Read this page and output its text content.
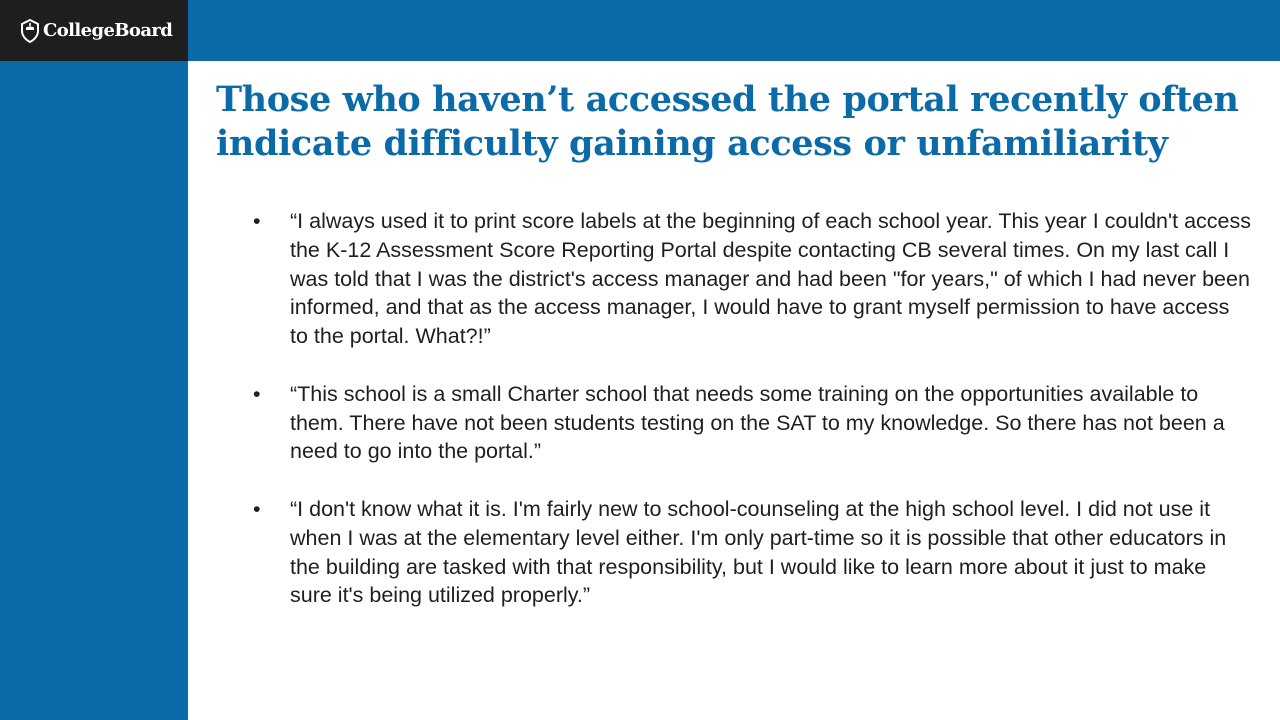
CollegeBoard
Those who haven’t accessed the portal recently often indicate difficulty gaining access or unfamiliarity
•	“I always used it to print score labels at the beginning of each school year. This year I couldn't access the K-12 Assessment Score Reporting Portal despite contacting CB several times. On my last call I was told that I was the district's access manager and had been "for years," of which I had never been informed, and that as the access manager, I would have to grant myself permission to have access to the portal. What?!”
•	“This school is a small Charter school that needs some training on the opportunities available to them. There have not been students testing on the SAT to my knowledge. So there has not been a need to go into the portal.”
•	“I don't know what it is. I'm fairly new to school-counseling at the high school level. I did not use it when I was at the elementary level either. I'm only part-time so it is possible that other educators in the building are tasked with that responsibility, but I would like to learn more about it just to make sure it's being utilized properly.”
